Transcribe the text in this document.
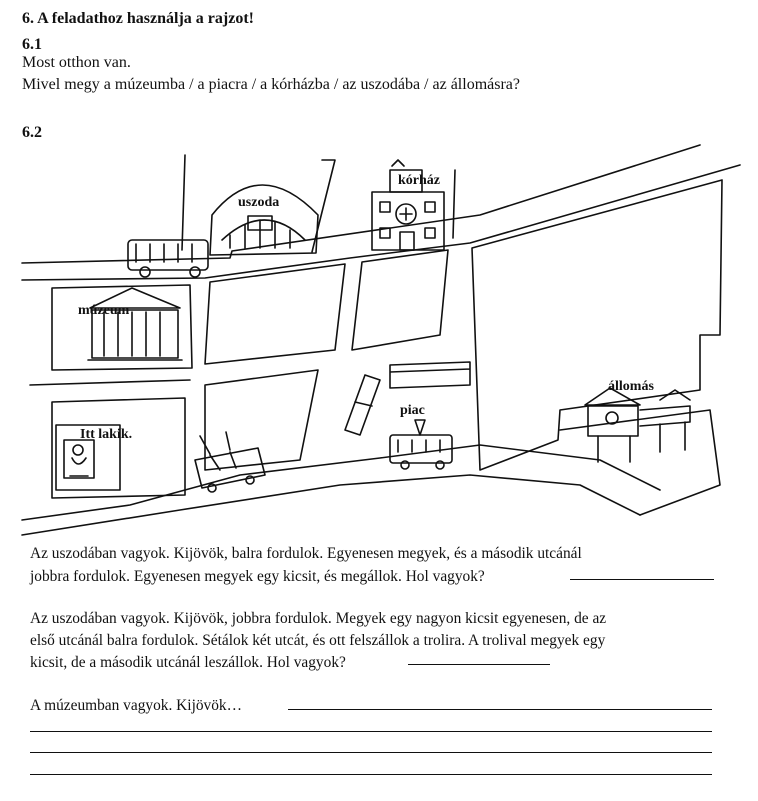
6. A feladathoz használja a rajzot!
6.1
Most otthon van.
Mivel megy a múzeumba / a piacra / a kórházba / az uszodába / az állomásra?
6.2
uszoda
kórház
múzeum
Itt lakik.
piac
állomás
Az uszodában vagyok. Kijövök, balra fordulok. Egyenesen megyek, és a második utcánál
jobbra fordulok. Egyenesen megyek egy kicsit, és megállok. Hol vagyok?
Az uszodában vagyok. Kijövök, jobbra fordulok. Megyek egy nagyon kicsit egyenesen, de az
első utcánál balra fordulok. Sétálok két utcát, és ott felszállok a trolira. A trolival megyek egy
kicsit, de a második utcánál leszállok. Hol vagyok?
A múzeumban vagyok. Kijövök…
